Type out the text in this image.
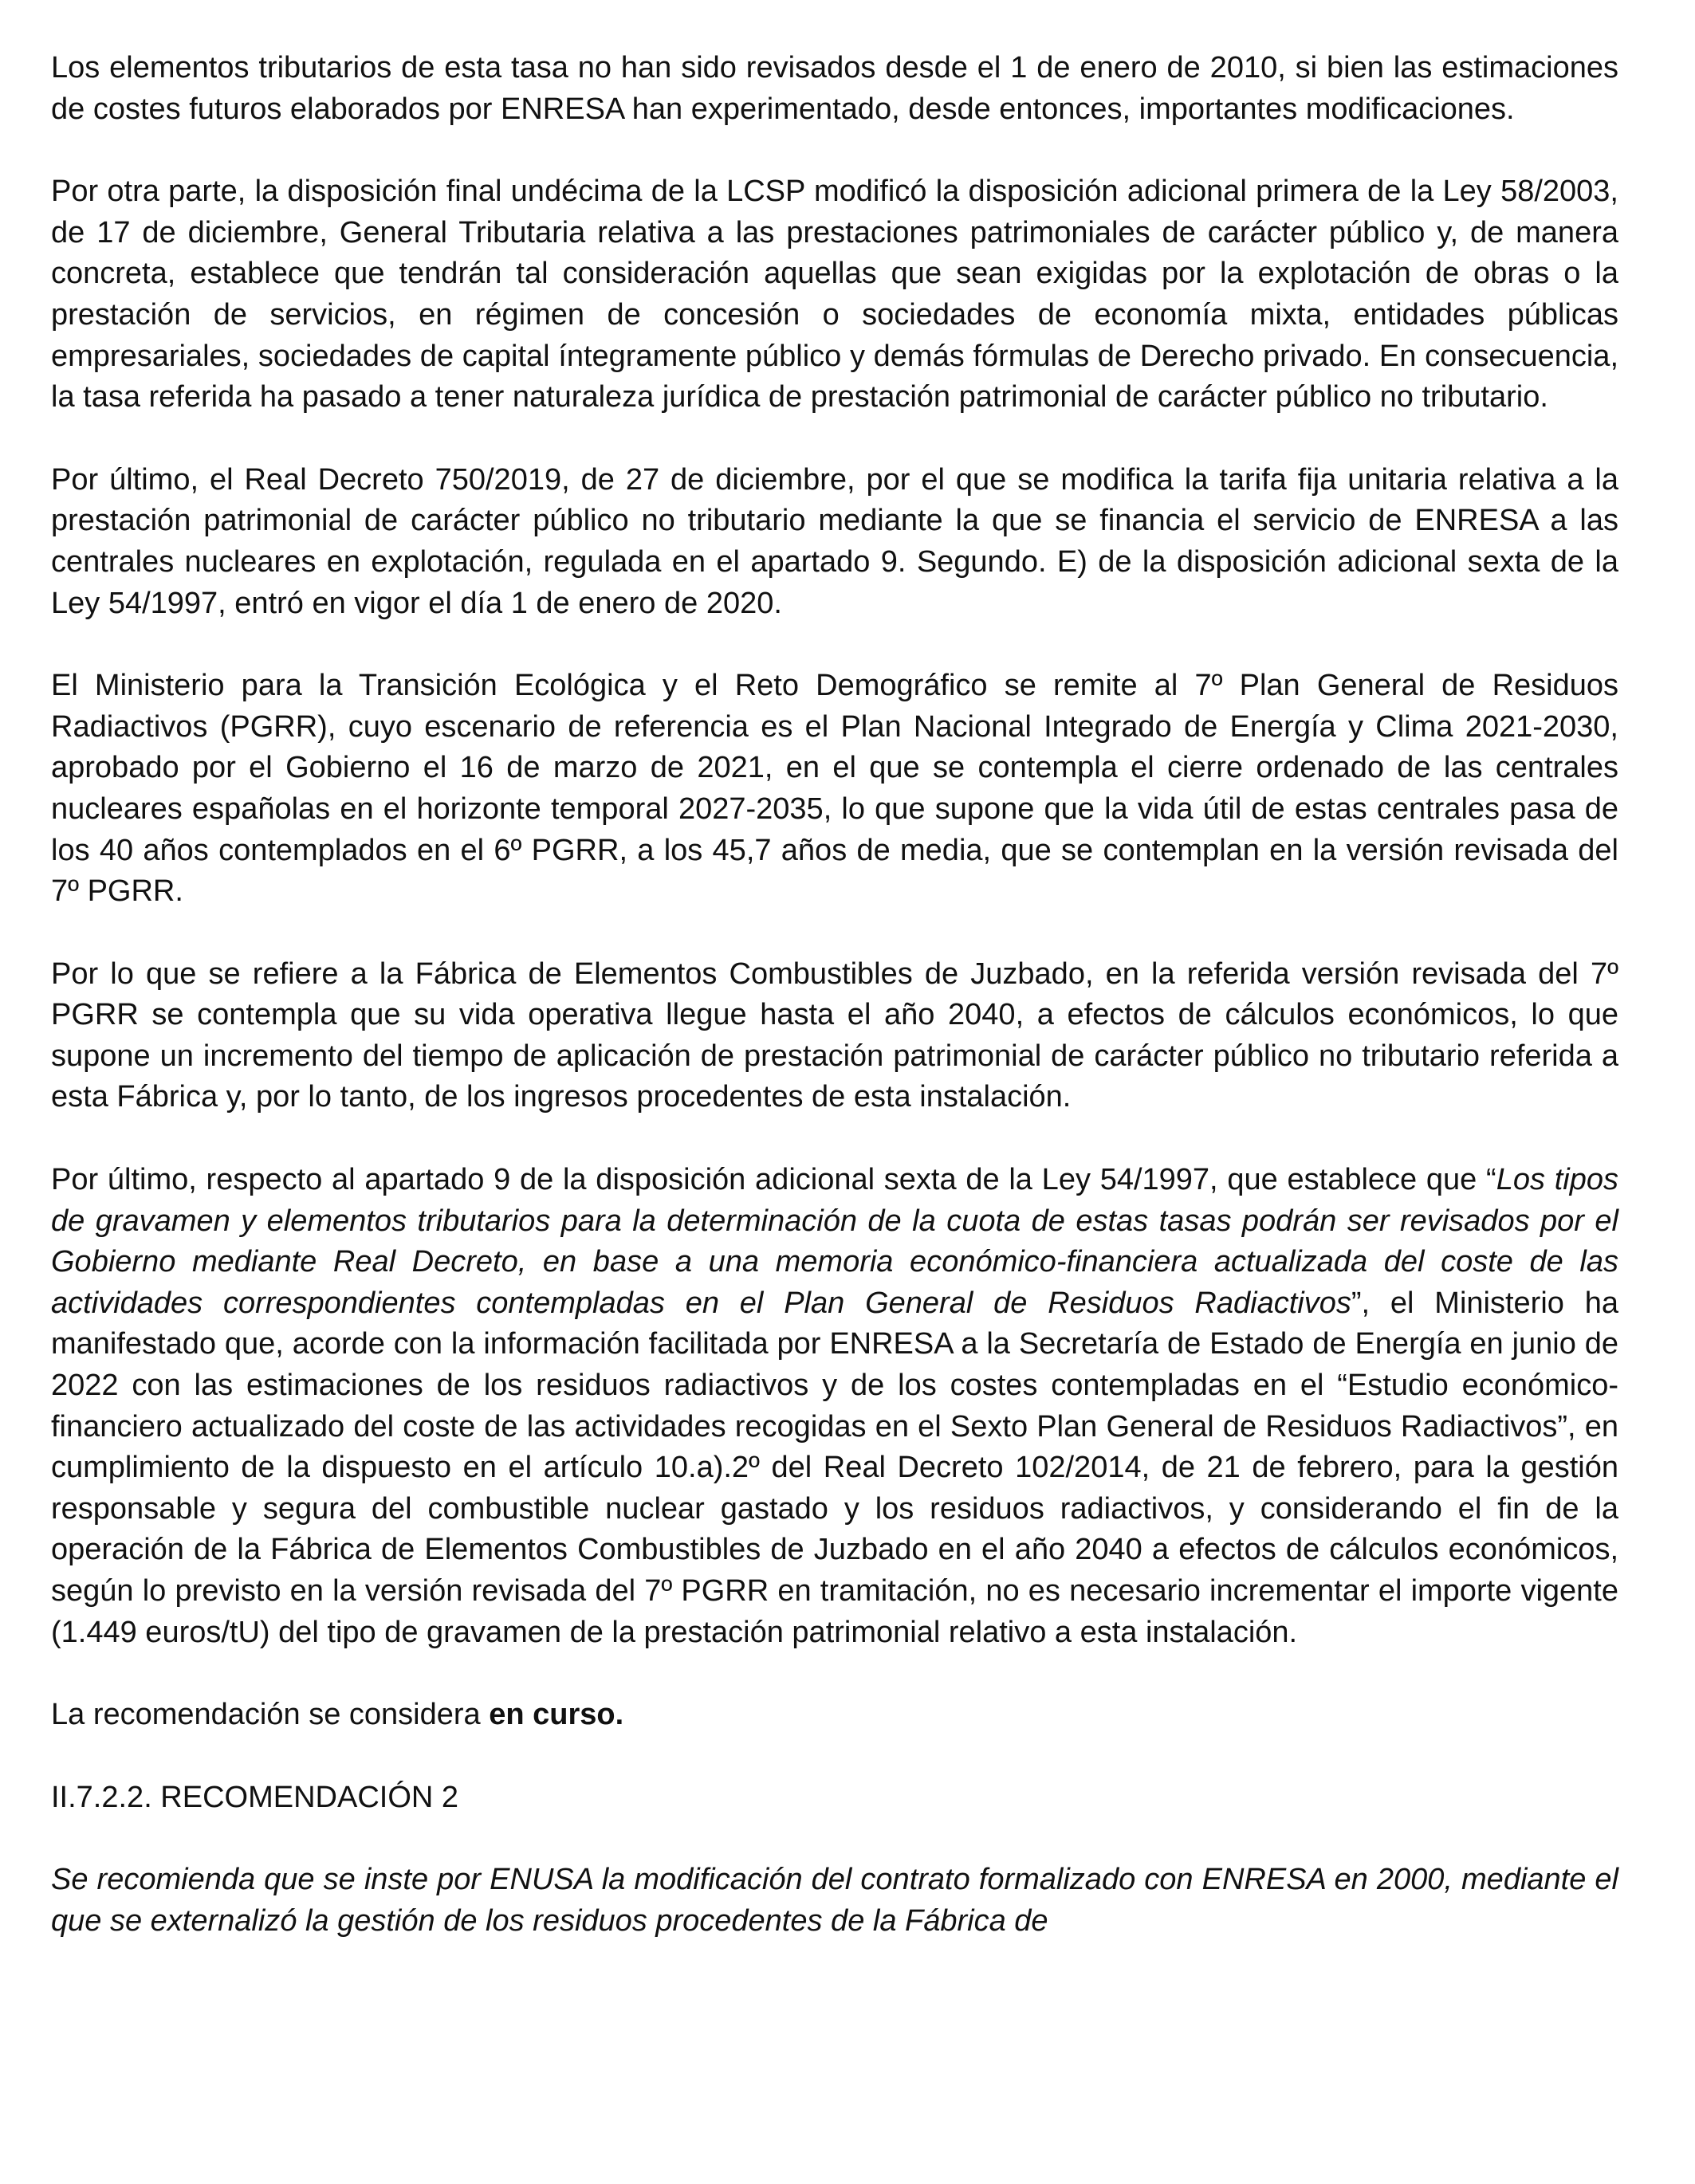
Los elementos tributarios de esta tasa no han sido revisados desde el 1 de enero de 2010, si bien las estimaciones de costes futuros elaborados por ENRESA han experimentado, desde entonces, importantes modificaciones.

Por otra parte, la disposición final undécima de la LCSP modificó la disposición adicional primera de la Ley 58/2003, de 17 de diciembre, General Tributaria relativa a las prestaciones patrimoniales de carácter público y, de manera concreta, establece que tendrán tal consideración aquellas que sean exigidas por la explotación de obras o la prestación de servicios, en régimen de concesión o sociedades de economía mixta, entidades públicas empresariales, sociedades de capital íntegramente público y demás fórmulas de Derecho privado. En consecuencia, la tasa referida ha pasado a tener naturaleza jurídica de prestación patrimonial de carácter público no tributario.

Por último, el Real Decreto 750/2019, de 27 de diciembre, por el que se modifica la tarifa fija unitaria relativa a la prestación patrimonial de carácter público no tributario mediante la que se financia el servicio de ENRESA a las centrales nucleares en explotación, regulada en el apartado 9. Segundo. E) de la disposición adicional sexta de la Ley 54/1997, entró en vigor el día 1 de enero de 2020.

El Ministerio para la Transición Ecológica y el Reto Demográfico se remite al 7º Plan General de Residuos Radiactivos (PGRR), cuyo escenario de referencia es el Plan Nacional Integrado de Energía y Clima 2021-2030, aprobado por el Gobierno el 16 de marzo de 2021, en el que se contempla el cierre ordenado de las centrales nucleares españolas en el horizonte temporal 2027-2035, lo que supone que la vida útil de estas centrales pasa de los 40 años contemplados en el 6º PGRR, a los 45,7 años de media, que se contemplan en la versión revisada del 7º PGRR.

Por lo que se refiere a la Fábrica de Elementos Combustibles de Juzbado, en la referida versión revisada del 7º PGRR se contempla que su vida operativa llegue hasta el año 2040, a efectos de cálculos económicos, lo que supone un incremento del tiempo de aplicación de prestación patrimonial de carácter público no tributario referida a esta Fábrica y, por lo tanto, de los ingresos procedentes de esta instalación.

Por último, respecto al apartado 9 de la disposición adicional sexta de la Ley 54/1997, que establece que “Los tipos de gravamen y elementos tributarios para la determinación de la cuota de estas tasas podrán ser revisados por el Gobierno mediante Real Decreto, en base a una memoria económico-financiera actualizada del coste de las actividades correspondientes contempladas en el Plan General de Residuos Radiactivos”, el Ministerio ha manifestado que, acorde con la información facilitada por ENRESA a la Secretaría de Estado de Energía en junio de 2022 con las estimaciones de los residuos radiactivos y de los costes contempladas en el “Estudio económico-financiero actualizado del coste de las actividades recogidas en el Sexto Plan General de Residuos Radiactivos”, en cumplimiento de la dispuesto en el artículo 10.a).2º del Real Decreto 102/2014, de 21 de febrero, para la gestión responsable y segura del combustible nuclear gastado y los residuos radiactivos, y considerando el fin de la operación de la Fábrica de Elementos Combustibles de Juzbado en el año 2040 a efectos de cálculos económicos, según lo previsto en la versión revisada del 7º PGRR en tramitación, no es necesario incrementar el importe vigente (1.449 euros/tU) del tipo de gravamen de la prestación patrimonial relativo a esta instalación.

La recomendación se considera en curso.

II.7.2.2. RECOMENDACIÓN 2

Se recomienda que se inste por ENUSA la modificación del contrato formalizado con ENRESA en 2000, mediante el que se externalizó la gestión de los residuos procedentes de la Fábrica de
